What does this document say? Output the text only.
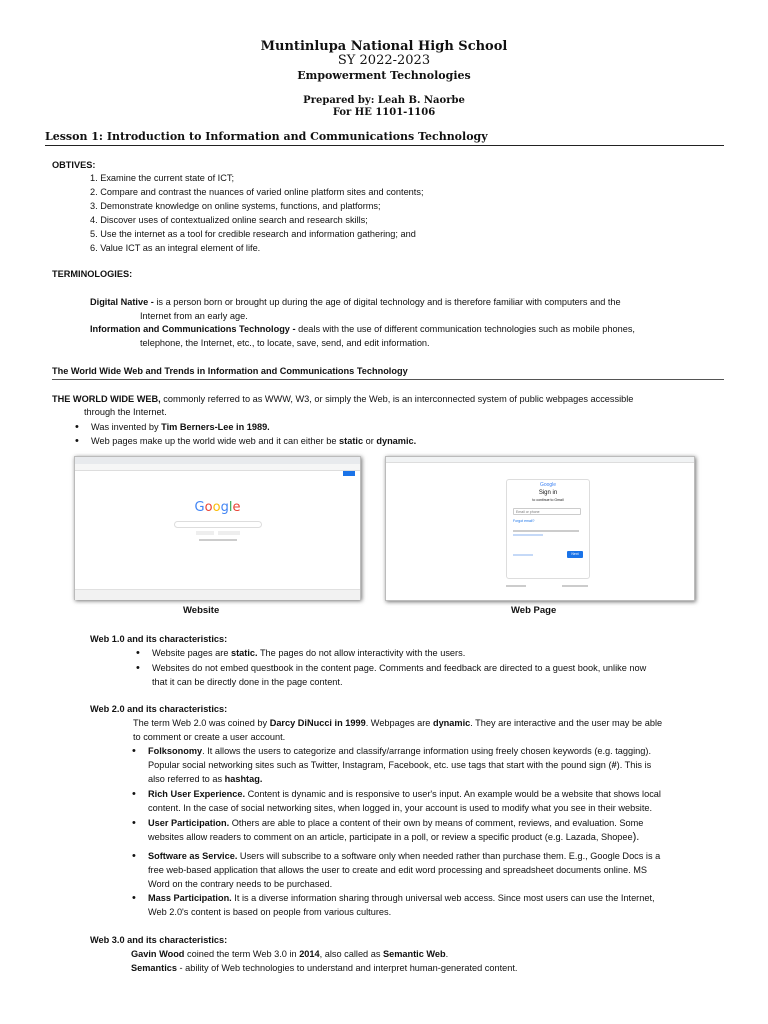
Muntinlupa National High School
SY 2022-2023
Empowerment Technologies
Prepared by: Leah B. Naorbe
For HE 1101-1106
Lesson 1: Introduction to Information and Communications Technology
OBTIVES:
1. Examine the current state of ICT;
2. Compare and contrast the nuances of varied online platform sites and contents;
3. Demonstrate knowledge on online systems, functions, and platforms;
4. Discover uses of contextualized online search and research skills;
5. Use the internet as a tool for credible research and information gathering; and
6. Value ICT as an integral element of life.
TERMINOLOGIES:
Digital Native - is a person born or brought up during the age of digital technology and is therefore familiar with computers and the
Internet from an early age.
Information and Communications Technology - deals with the use of different communication technologies such as mobile phones,
telephone, the Internet, etc., to locate, save, send, and edit information.
The World Wide Web and Trends in Information and Communications Technology
THE WORLD WIDE WEB, commonly referred to as WWW, W3, or simply the Web, is an interconnected system of public webpages accessible
through the Internet.
• Was invented by Tim Berners-Lee in 1989.
• Web pages make up the world wide web and it can either be static or dynamic.
Google
Website
Google
Sign in
to continue to Gmail
Email or phone
Forgot email?
Next
Web Page
Web 1.0 and its characteristics:
• Website pages are static. The pages do not allow interactivity with the users.
• Websites do not embed questbook in the content page. Comments and feedback are directed to a guest book, unlike now
that it can be directly done in the page content.
Web 2.0 and its characteristics:
The term Web 2.0 was coined by Darcy DiNucci in 1999. Webpages are dynamic. They are interactive and the user may be able
to comment or create a user account.
• Folksonomy. It allows the users to categorize and classify/arrange information using freely chosen keywords (e.g. tagging).
Popular social networking sites such as Twitter, Instagram, Facebook, etc. use tags that start with the pound sign (#). This is
also referred to as hashtag.
• Rich User Experience. Content is dynamic and is responsive to user's input. An example would be a website that shows local
content. In the case of social networking sites, when logged in, your account is used to modify what you see in their website.
• User Participation. Others are able to place a content of their own by means of comment, reviews, and evaluation. Some
websites allow readers to comment on an article, participate in a poll, or review a specific product (e.g. Lazada, Shopee).
• Software as Service. Users will subscribe to a software only when needed rather than purchase them. E.g., Google Docs is a
free web-based application that allows the user to create and edit word processing and spreadsheet documents online. MS
Word on the contrary needs to be purchased.
• Mass Participation. It is a diverse information sharing through universal web access. Since most users can use the Internet,
Web 2.0's content is based on people from various cultures.
Web 3.0 and its characteristics:
Gavin Wood coined the term Web 3.0 in 2014, also called as Semantic Web.
Semantics - ability of Web technologies to understand and interpret human-generated content.
